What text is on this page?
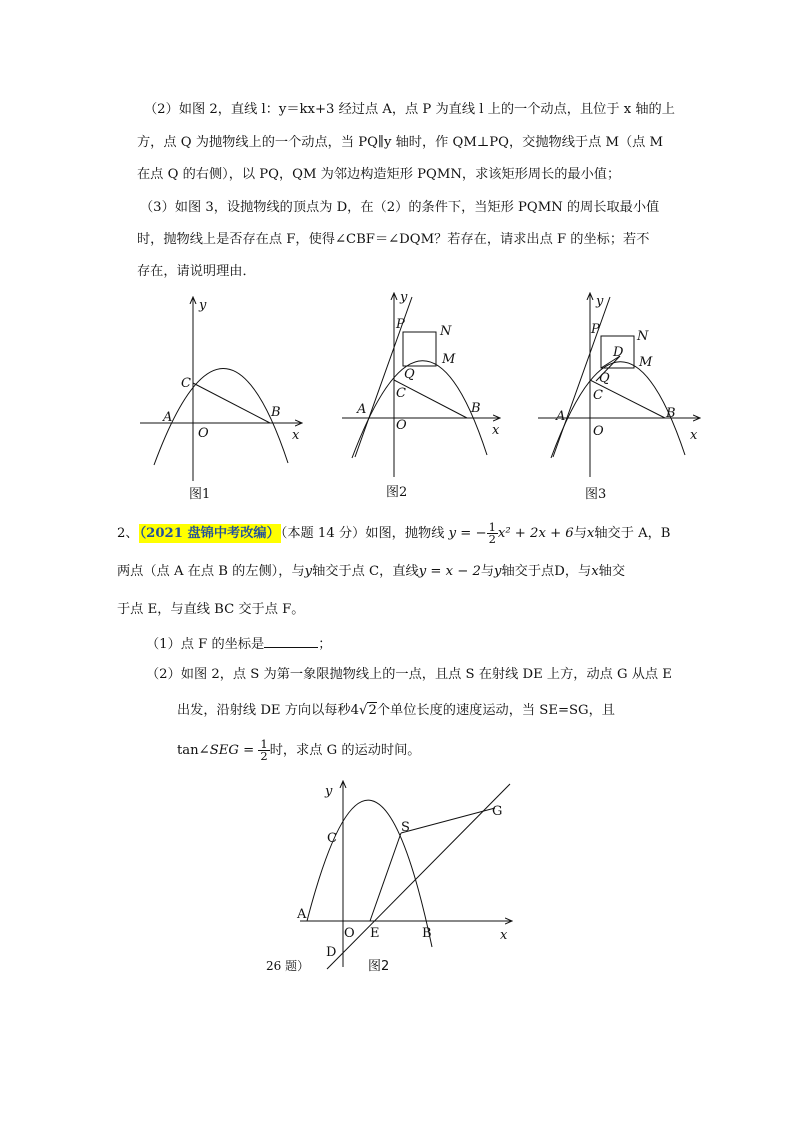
（2）如图 2，直线 l：y＝kx+3 经过点 A，点 P 为直线 l 上的一个动点，且位于 x 轴的上
方，点 Q 为抛物线上的一个动点，当 PQ∥y 轴时，作 QM⊥PQ，交抛物线于点 M（点 M
在点 Q 的右侧），以 PQ，QM 为邻边构造矩形 PQMN，求该矩形周长的最小值；
（3）如图 3，设抛物线的顶点为 D，在（2）的条件下，当矩形 PQMN 的周长取最小值
时，抛物线上是否存在点 F，使得∠CBF＝∠DQM？若存在，请求出点 F 的坐标；若不
存在，请说明理由．
y
C
A	B
O	x
y
P	N
M
Q
C
A	B
O	x
y
P	N
D
M
Q
C
A	B
O	x
图1	图2	图3
2、（2021 盘锦中考改编）（本题 14 分）如图，抛物线 y = − $\frac{1}{2} x^2 + 2x + 6$与x轴交于 A，B
两点（点 A 在点 B 的左侧），与y轴交于点 C，直线y = x − 2与y轴交于点D，与x轴交
于点 E，与直线 BC 交于点 F。
（1）点 F 的坐标是	；
（2）如图 2，点 S 为第一象限抛物线上的一点，且点 S 在射线 DE 上方，动点 G 从点 E
出发，沿射线 DE 方向以每秒4√2个单位长度的速度运动，当 SE=SG，且
tan∠SEG = $\frac{1}{2}$ 时，求点 G 的运动时间。
y
C
S
G
A
O E	B	x
D
26 题）	图2
